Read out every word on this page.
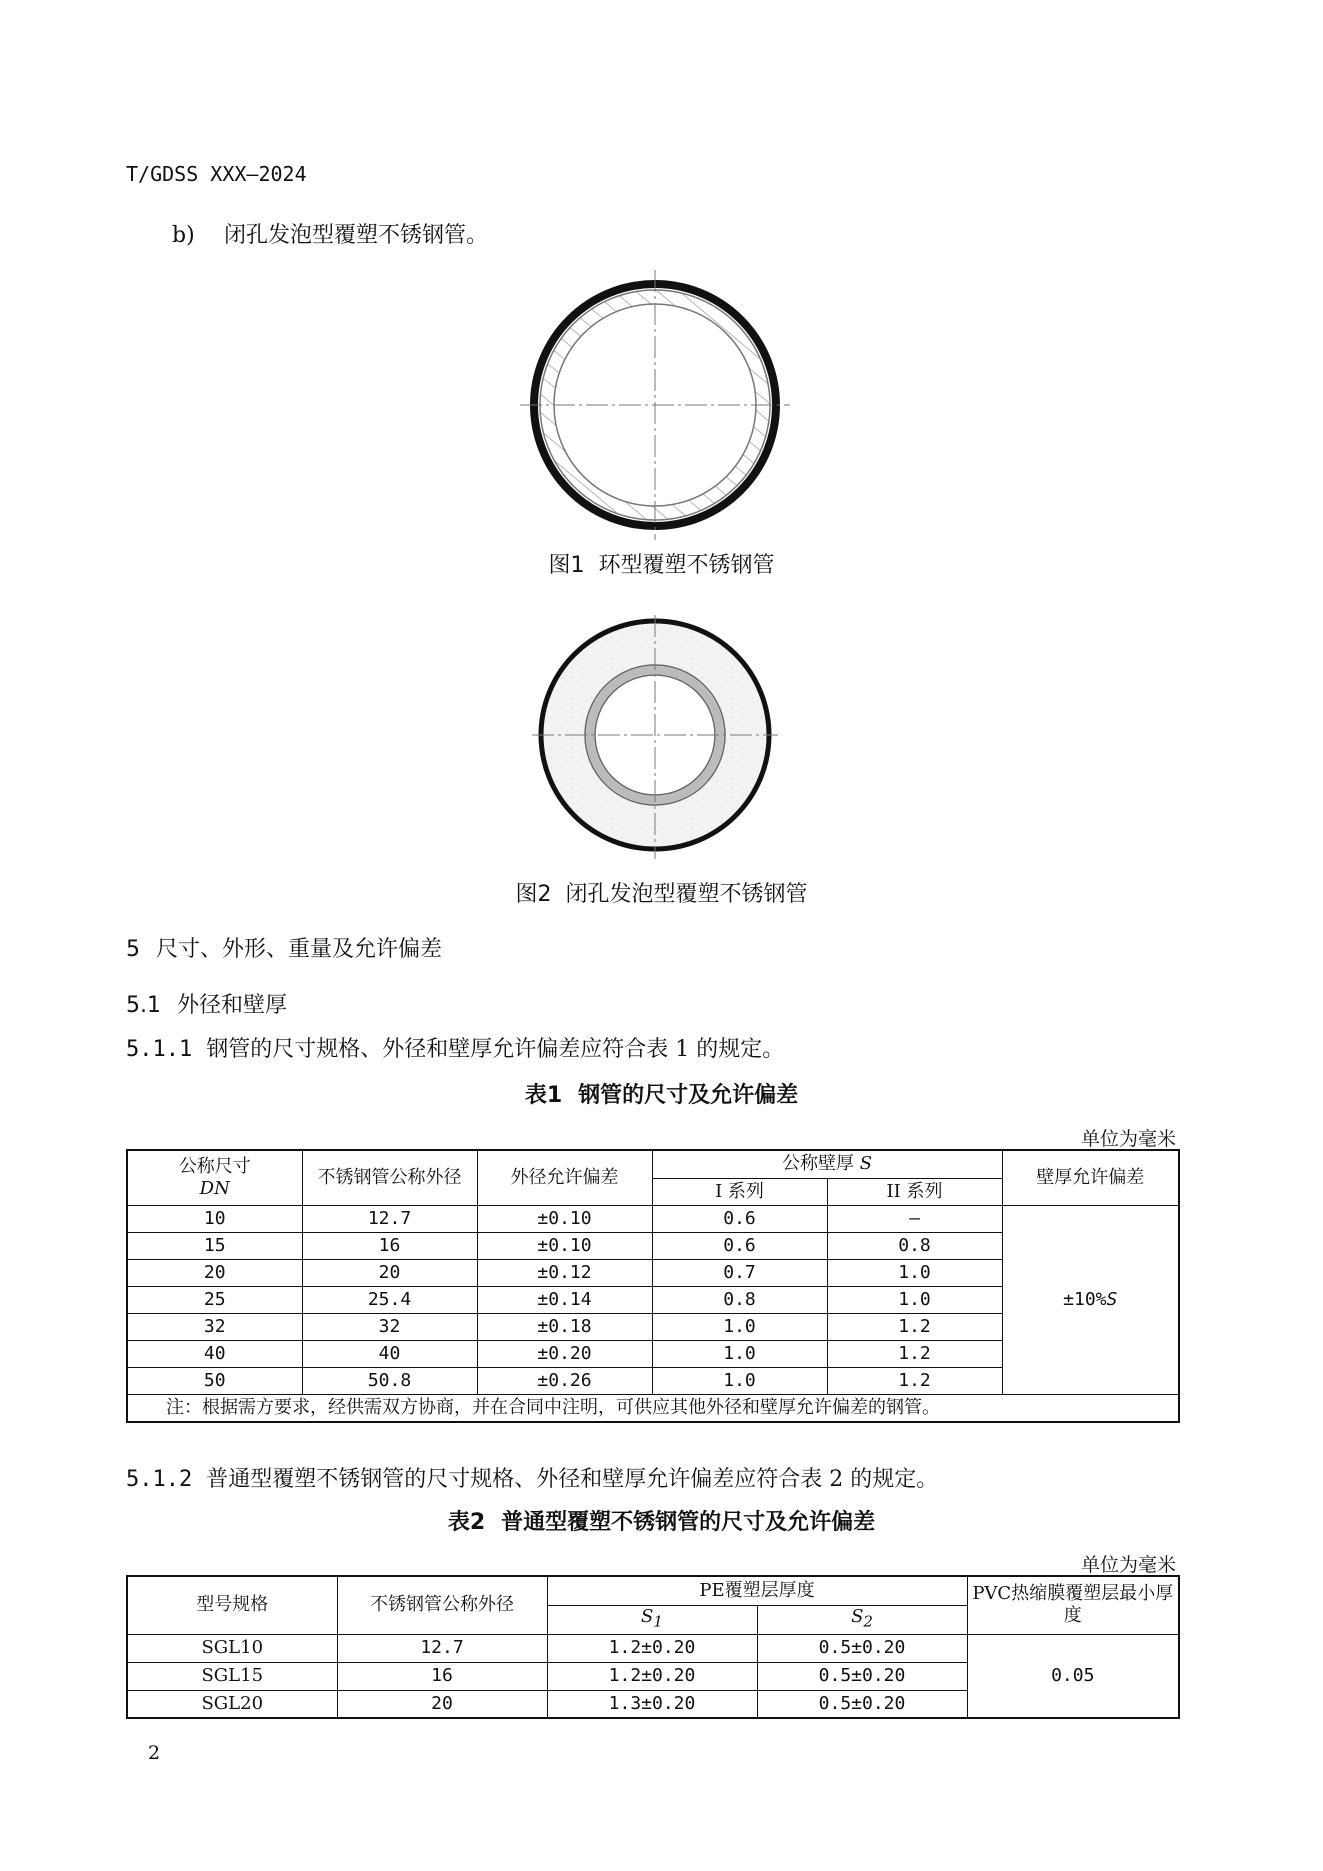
T/GDSS XXX—2024
b) 闭孔发泡型覆塑不锈钢管。
图1 环型覆塑不锈钢管
图2 闭孔发泡型覆塑不锈钢管
5 尺寸、外形、重量及允许偏差
5.1 外径和壁厚
5.1.1 钢管的尺寸规格、外径和壁厚允许偏差应符合表 1 的规定。
表1 钢管的尺寸及允许偏差
单位为毫米
公称尺寸
DN	不锈钢管公称外径	外径允许偏差	公称壁厚 S		壁厚允许偏差
			I 系列	II 系列	
10	12.7	±0.10	0.6	—	±10%S
15	16	±0.10	0.6	0.8	
20	20	±0.12	0.7	1.0	
25	25.4	±0.14	0.8	1.0	
32	32	±0.18	1.0	1.2	
40	40	±0.20	1.0	1.2	
50	50.8	±0.26	1.0	1.2	
注：根据需方要求，经供需双方协商，并在合同中注明，可供应其他外径和壁厚允许偏差的钢管。					
5.1.2 普通型覆塑不锈钢管的尺寸规格、外径和壁厚允许偏差应符合表 2 的规定。
表2 普通型覆塑不锈钢管的尺寸及允许偏差
单位为毫米
型号规格	不锈钢管公称外径	PE覆塑层厚度		PVC热缩膜覆塑层最小厚度
		$S_1$	$S_2$
SGL10	12.7	1.2±0.20	0.5±0.20	0.05
SGL15	16	1.2±0.20	0.5±0.20	
SGL20	20	1.3±0.20	0.5±0.20	
2
